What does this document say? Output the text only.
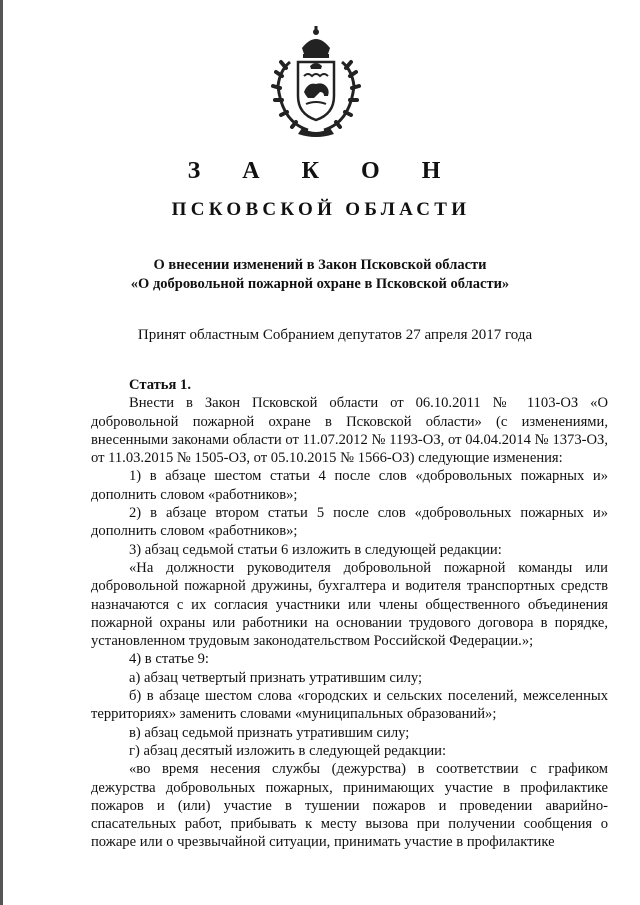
З А К О Н
ПСКОВСКОЙ ОБЛАСТИ
О внесении изменений в Закон Псковской области
«О добровольной пожарной охране в Псковской области»
Принят областным Собранием депутатов 27 апреля 2017 года
Статья 1.

Внести в Закон Псковской области от 06.10.2011 № 1103-ОЗ «О добровольной пожарной охране в Псковской области» (с изменениями, внесенными законами области от 11.07.2012 № 1193-ОЗ, от 04.04.2014 № 1373-ОЗ, от 11.03.2015 № 1505-ОЗ, от 05.10.2015 № 1566-ОЗ) следующие изменения:

1) в абзаце шестом статьи 4 после слов «добровольных пожарных и» дополнить словом «работников»;

2) в абзаце втором статьи 5 после слов «добровольных пожарных и» дополнить словом «работников»;

3) абзац седьмой статьи 6 изложить в следующей редакции:

«На должности руководителя добровольной пожарной команды или добровольной пожарной дружины, бухгалтера и водителя транспортных средств назначаются с их согласия участники или члены общественного объединения пожарной охраны или работники на основании трудового договора в порядке, установленном трудовым законодательством Российской Федерации.»;

4) в статье 9:

а) абзац четвертый признать утратившим силу;

б) в абзаце шестом слова «городских и сельских поселений, межселенных территориях» заменить словами «муниципальных образований»;

в) абзац седьмой признать утратившим силу;

г) абзац десятый изложить в следующей редакции:

«во время несения службы (дежурства) в соответствии с графиком дежурства добровольных пожарных, принимающих участие в профилактике пожаров и (или) участие в тушении пожаров и проведении аварийно-спасательных работ, прибывать к месту вызова при получении сообщения о пожаре или о чрезвычайной ситуации, принимать участие в профилактике
